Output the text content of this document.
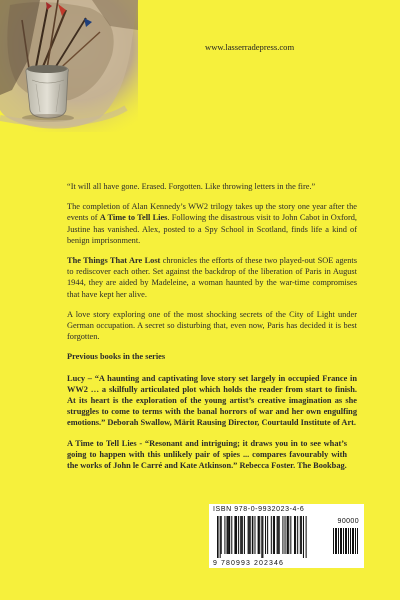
www.lasserradepress.com

“It will all have gone. Erased. Forgotten. Like throwing letters in the fire.”

The completion of Alan Kennedy’s WW2 trilogy takes up the story one year after the events of A Time to Tell Lies. Following the disastrous visit to John Cabot in Oxford, Justine has vanished. Alex, posted to a Spy School in Scotland, finds life a kind of benign imprisonment.

The Things That Are Lost chronicles the efforts of these two played-out SOE agents to rediscover each other. Set against the backdrop of the liberation of Paris in August 1944, they are aided by Madeleine, a woman haunted by the war-time compromises that have kept her alive.

A love story exploring one of the most shocking secrets of the City of Light under German occupation. A secret so disturbing that, even now, Paris has decided it is best forgotten.

Previous books in the series

Lucy – “A haunting and captivating love story set largely in occupied France in WW2 … a skilfully articulated plot which holds the reader from start to finish. At its heart is the exploration of the young artist’s creative imagination as she struggles to come to terms with the banal horrors of war and her own engulfing emotions.” Deborah Swallow, Märit Rausing Director, Courtauld Institute of Art.

A Time to Tell Lies - “Resonant and intriguing; it draws you in to see what’s going to happen with this unlikely pair of spies ... compares favourably with the works of John le Carré and Kate Atkinson.” Rebecca Foster. The Bookbag.

ISBN 978-0-9932023-4-6
90000
9 780993 202346
